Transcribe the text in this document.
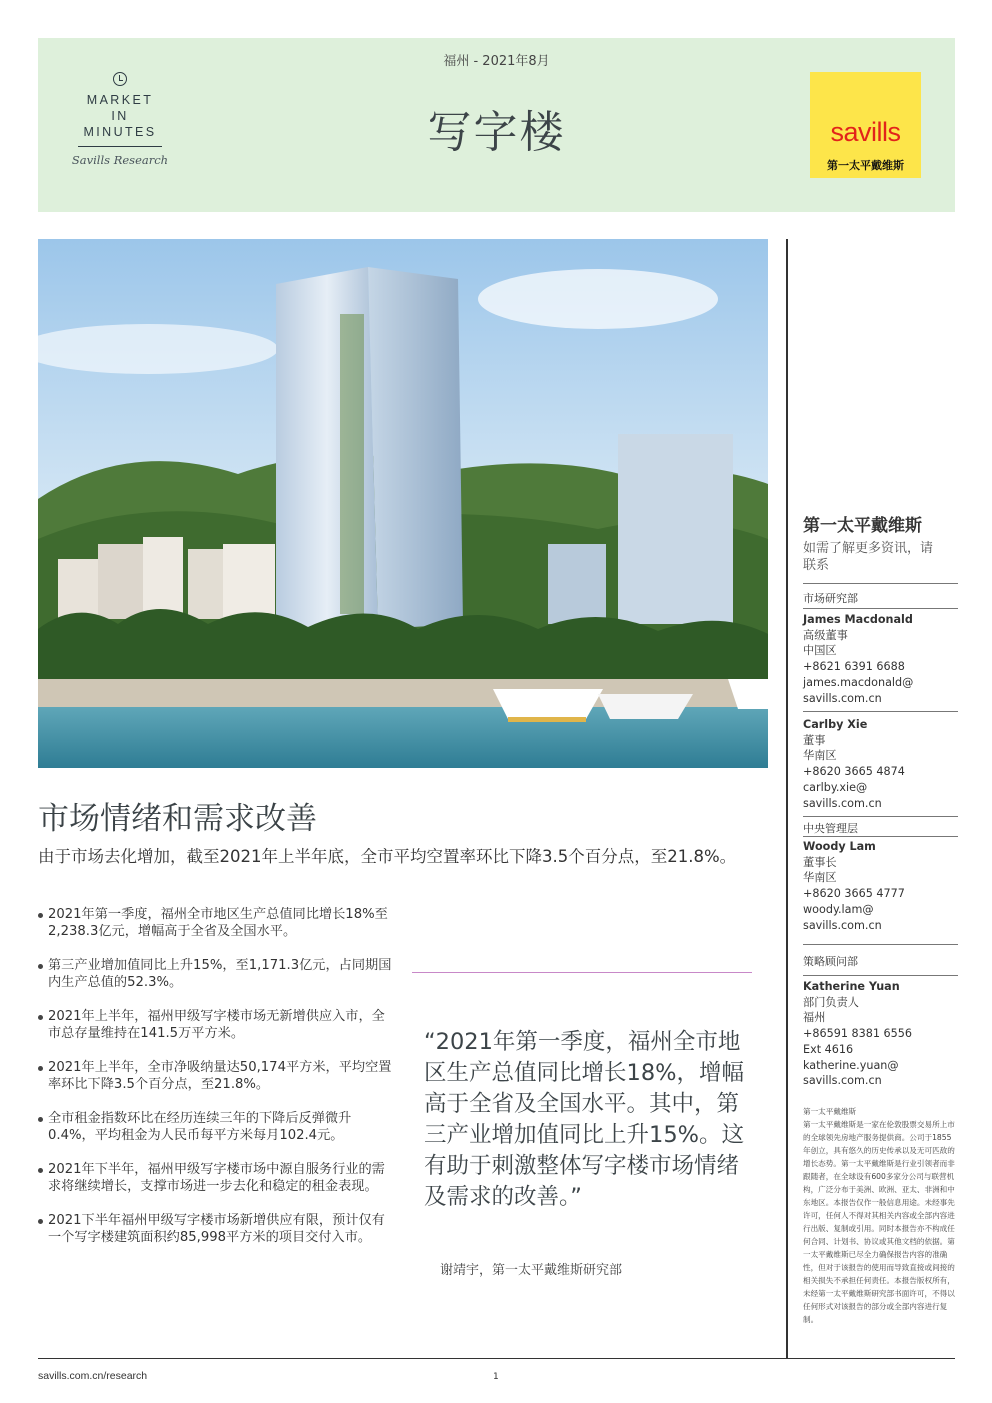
MARKET
IN
MINUTES
Savills Research
福州 - 2021年8月
写字楼	savills
第一太平戴维斯
市场情绪和需求改善
由于市场去化增加，截至2021年上半年底，全市平均空置率环比下降3.5个百分点，至21.8%。
2021年第一季度，福州全市地区生产总值同比增长18%至2,238.3亿元，增幅高于全省及全国水平。
第三产业增加值同比上升15%，至1,171.3亿元，占同期国内生产总值的52.3%。
2021年上半年，福州甲级写字楼市场无新增供应入市，全市总存量维持在141.5万平方米。
2021年上半年，全市净吸纳量达50,174平方米，平均空置率环比下降3.5个百分点，至21.8%。
全市租金指数环比在经历连续三年的下降后反弹微升0.4%，平均租金为人民币每平方米每月102.4元。
2021年下半年，福州甲级写字楼市场中源自服务行业的需求将继续增长，支撑市场进一步去化和稳定的租金表现。
2021下半年福州甲级写字楼市场新增供应有限，预计仅有一个写字楼建筑面积约85,998平方米的项目交付入市。
“2021年第一季度，福州全市地区生产总值同比增长18%，增幅高于全省及全国水平。其中，第三产业增加值同比上升15%。这有助于刺激整体写字楼市场情绪及需求的改善。”
谢靖宇，第一太平戴维斯研究部
第一太平戴维斯
如需了解更多资讯，请联系
市场研究部
James Macdonald
高级董事
中国区
+8621 6391 6688
james.macdonald@
savills.com.cn
Carlby Xie
董事
华南区
+8620 3665 4874
carlby.xie@
savills.com.cn
中央管理层
Woody Lam
董事长
华南区
+8620 3665 4777
woody.lam@
savills.com.cn
策略顾问部
Katherine Yuan
部门负责人
福州
+86591 8381 6556
Ext 4616
katherine.yuan@
savills.com.cn
第一太平戴维斯
第一太平戴维斯是一家在伦敦股票交易所上市的全球领先房地产服务提供商。公司于1855年创立，具有悠久的历史传承以及无可匹敌的增长态势。第一太平戴维斯是行业引领者而非跟随者，在全球设有600多家分公司与联营机构，广泛分布于美洲、欧洲、亚太、非洲和中东地区。本报告仅作一般信息用途。未经事先许可，任何人不得对其相关内容或全部内容进行出版、复制或引用。同时本报告亦不构成任何合同、计划书、协议或其他文档的依据。第一太平戴维斯已尽全力确保报告内容的准确性，但对于该报告的使用而导致直接或间接的相关损失不承担任何责任。本报告版权所有，未经第一太平戴维斯研究部书面许可，不得以任何形式对该报告的部分或全部内容进行复制。
savills.com.cn/research	1
